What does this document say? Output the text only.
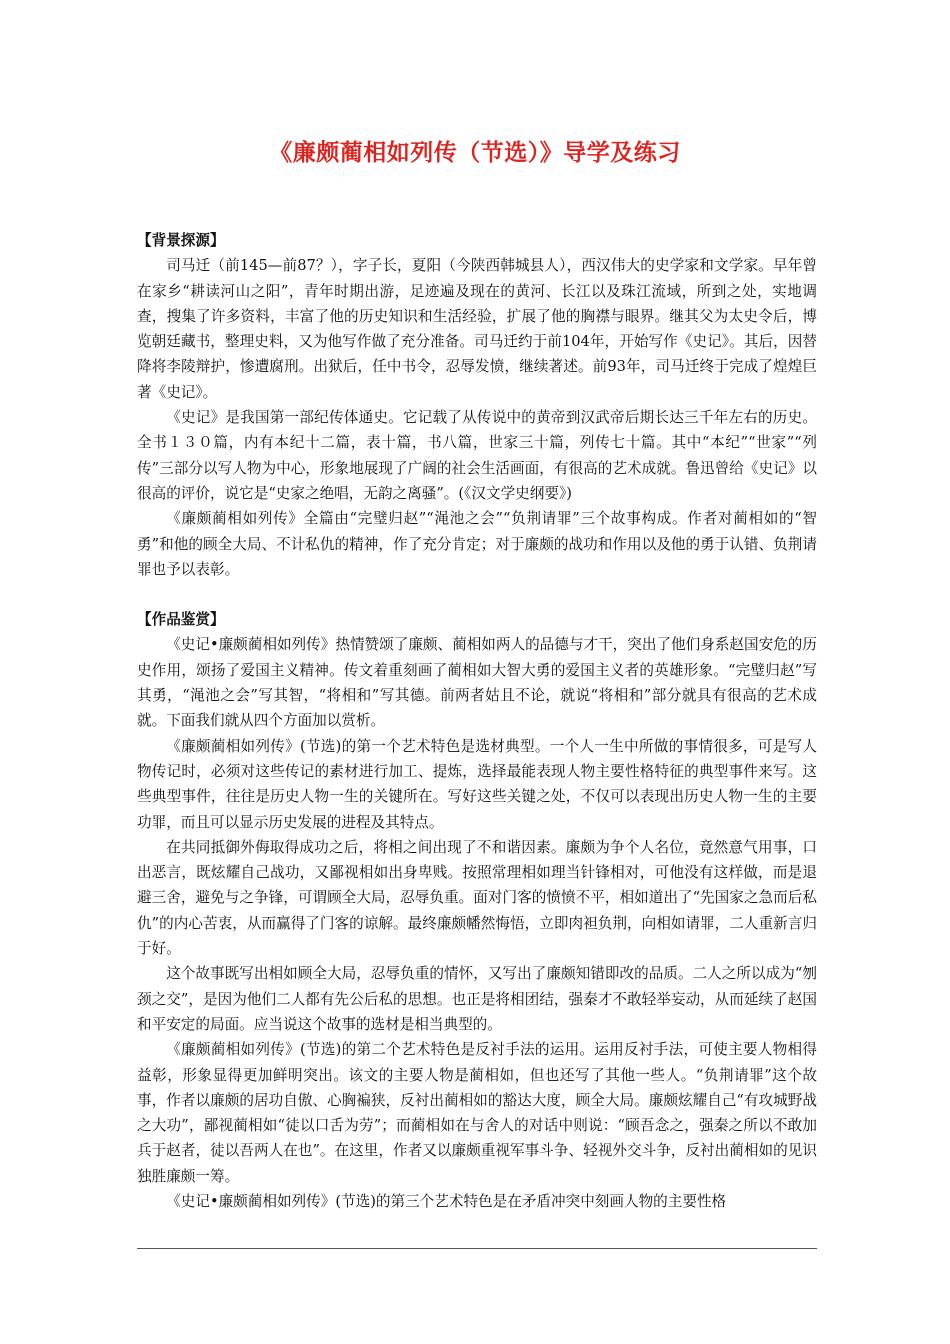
《廉颇蔺相如列传（节选）》导学及练习

【背景探源】

司马迁（前145—前87？），字子长，夏阳（今陕西韩城县人），西汉伟大的史学家和文学家。早年曾在家乡“耕读河山之阳”，青年时期出游，足迹遍及现在的黄河、长江以及珠江流域，所到之处，实地调查，搜集了许多资料，丰富了他的历史知识和生活经验，扩展了他的胸襟与眼界。继其父为太史令后，博览朝廷藏书，整理史料，又为他写作做了充分准备。司马迁约于前104年，开始写作《史记》。其后，因替降将李陵辩护，惨遭腐刑。出狱后，任中书令，忍辱发愤，继续著述。前93年，司马迁终于完成了煌煌巨著《史记》。

《史记》是我国第一部纪传体通史。它记载了从传说中的黄帝到汉武帝后期长达三千年左右的历史。全书１３０篇，内有本纪十二篇，表十篇，书八篇，世家三十篇，列传七十篇。其中“本纪”“世家”“列传”三部分以写人物为中心，形象地展现了广阔的社会生活画面，有很高的艺术成就。鲁迅曾给《史记》以很高的评价，说它是“史家之绝唱，无韵之离骚”。(《汉文学史纲要》)

《廉颇蔺相如列传》全篇由“完璧归赵”“渑池之会”“负荆请罪”三个故事构成。作者对蔺相如的“智勇”和他的顾全大局、不计私仇的精神，作了充分肯定；对于廉颇的战功和作用以及他的勇于认错、负荆请罪也予以表彰。

【作品鉴赏】

《史记•廉颇蔺相如列传》热情赞颂了廉颇、蔺相如两人的品德与才干，突出了他们身系赵国安危的历史作用，颂扬了爱国主义精神。传文着重刻画了蔺相如大智大勇的爱国主义者的英雄形象。“完璧归赵”写其勇，“渑池之会”写其智，“将相和”写其德。前两者姑且不论，就说“将相和”部分就具有很高的艺术成就。下面我们就从四个方面加以赏析。

《廉颇蔺相如列传》(节选)的第一个艺术特色是选材典型。一个人一生中所做的事情很多，可是写人物传记时，必须对这些传记的素材进行加工、提炼，选择最能表现人物主要性格特征的典型事件来写。这些典型事件，往往是历史人物一生的关键所在。写好这些关键之处，不仅可以表现出历史人物一生的主要功罪，而且可以显示历史发展的进程及其特点。

在共同抵御外侮取得成功之后，将相之间出现了不和谐因素。廉颇为争个人名位，竟然意气用事，口出恶言，既炫耀自己战功，又鄙视相如出身卑贱。按照常理相如理当针锋相对，可他没有这样做，而是退避三舍，避免与之争锋，可谓顾全大局，忍辱负重。面对门客的愤愤不平，相如道出了“先国家之急而后私仇”的内心苦衷，从而赢得了门客的谅解。最终廉颇幡然悔悟，立即肉袒负荆，向相如请罪，二人重新言归于好。

这个故事既写出相如顾全大局，忍辱负重的情怀，又写出了廉颇知错即改的品质。二人之所以成为“刎颈之交”，是因为他们二人都有先公后私的思想。也正是将相团结，强秦才不敢轻举妄动，从而延续了赵国和平安定的局面。应当说这个故事的选材是相当典型的。

《廉颇蔺相如列传》(节选)的第二个艺术特色是反衬手法的运用。运用反衬手法，可使主要人物相得益彰，形象显得更加鲜明突出。该文的主要人物是蔺相如，但也还写了其他一些人。“负荆请罪”这个故事，作者以廉颇的居功自傲、心胸褊狭，反衬出蔺相如的豁达大度，顾全大局。廉颇炫耀自己“有攻城野战之大功”，鄙视蔺相如“徒以口舌为劳”；而蔺相如在与舍人的对话中则说：“顾吾念之，强秦之所以不敢加兵于赵者，徒以吾两人在也”。在这里，作者又以廉颇重视军事斗争、轻视外交斗争，反衬出蔺相如的见识独胜廉颇一筹。

《史记•廉颇蔺相如列传》(节选)的第三个艺术特色是在矛盾冲突中刻画人物的主要性格
